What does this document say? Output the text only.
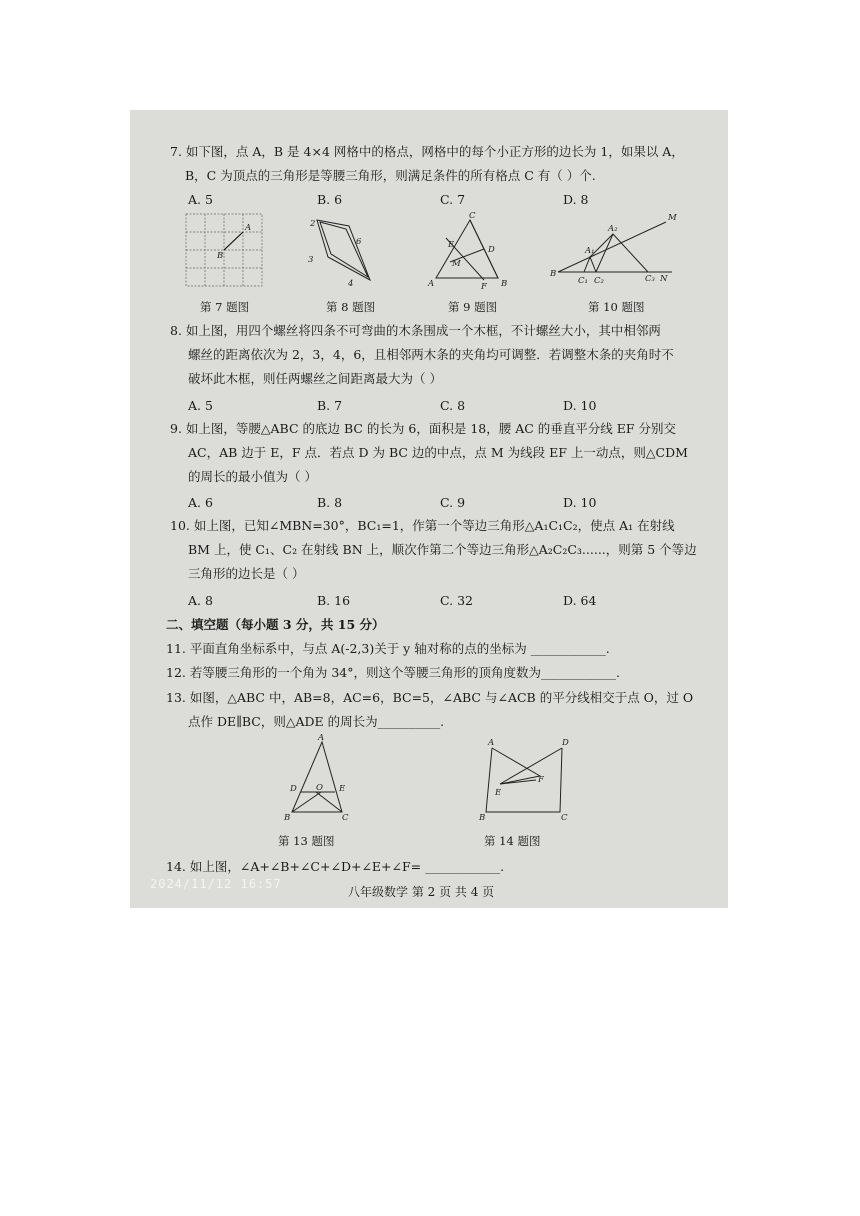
7. 如下图，点 A，B 是 4×4 网格中的格点，网格中的每个小正方形的边长为 1，如果以 A，
B，C 为顶点的三角形是等腰三角形，则满足条件的所有格点 C 有（ ）个.
A. 5	B. 6	C. 7	D. 8
A
B
2
6
3
4
C
E	D
M
A	F B
M
A₂
A₁
B
C₁ C₂	C₃ N
第 7 题图	第 8 题图	第 9 题图	第 10 题图
8. 如上图，用四个螺丝将四条不可弯曲的木条围成一个木框，不计螺丝大小，其中相邻两
螺丝的距离依次为 2，3，4，6，且相邻两木条的夹角均可调整．若调整木条的夹角时不
破坏此木框，则任两螺丝之间距离最大为（ ）
A. 5	B. 7	C. 8	D. 10
9. 如上图，等腰△ABC 的底边 BC 的长为 6，面积是 18，腰 AC 的垂直平分线 EF 分别交
AC，AB 边于 E，F 点．若点 D 为 BC 边的中点，点 M 为线段 EF 上一动点，则△CDM
的周长的最小值为（ ）
A. 6	B. 8	C. 9	D. 10
10. 如上图，已知∠MBN=30°，BC₁=1，作第一个等边三角形△A₁C₁C₂，使点 A₁ 在射线
BM 上，使 C₁、C₂ 在射线 BN 上，顺次作第二个等边三角形△A₂C₂C₃......，则第 5 个等边
三角形的边长是（ ）
A. 8	B. 16	C. 32	D. 64
二、填空题（每小题 3 分，共 15 分）
11. 平面直角坐标系中，与点 A(-2,3)关于 y 轴对称的点的坐标为 ____________.
12. 若等腰三角形的一个角为 34°，则这个等腰三角形的顶角度数为____________.
13. 如图，△ABC 中，AB=8，AC=6，BC=5，∠ABC 与∠ACB 的平分线相交于点 O，过 O
点作 DE∥BC，则△ADE 的周长为__________.
A
D O E
B	C
A	D
F
E
B	C
第 13 题图	第 14 题图
14. 如上图，∠A+∠B+∠C+∠D+∠E+∠F= ____________.
2024/11/12 16:57
八年级数学 第 2 页 共 4 页
